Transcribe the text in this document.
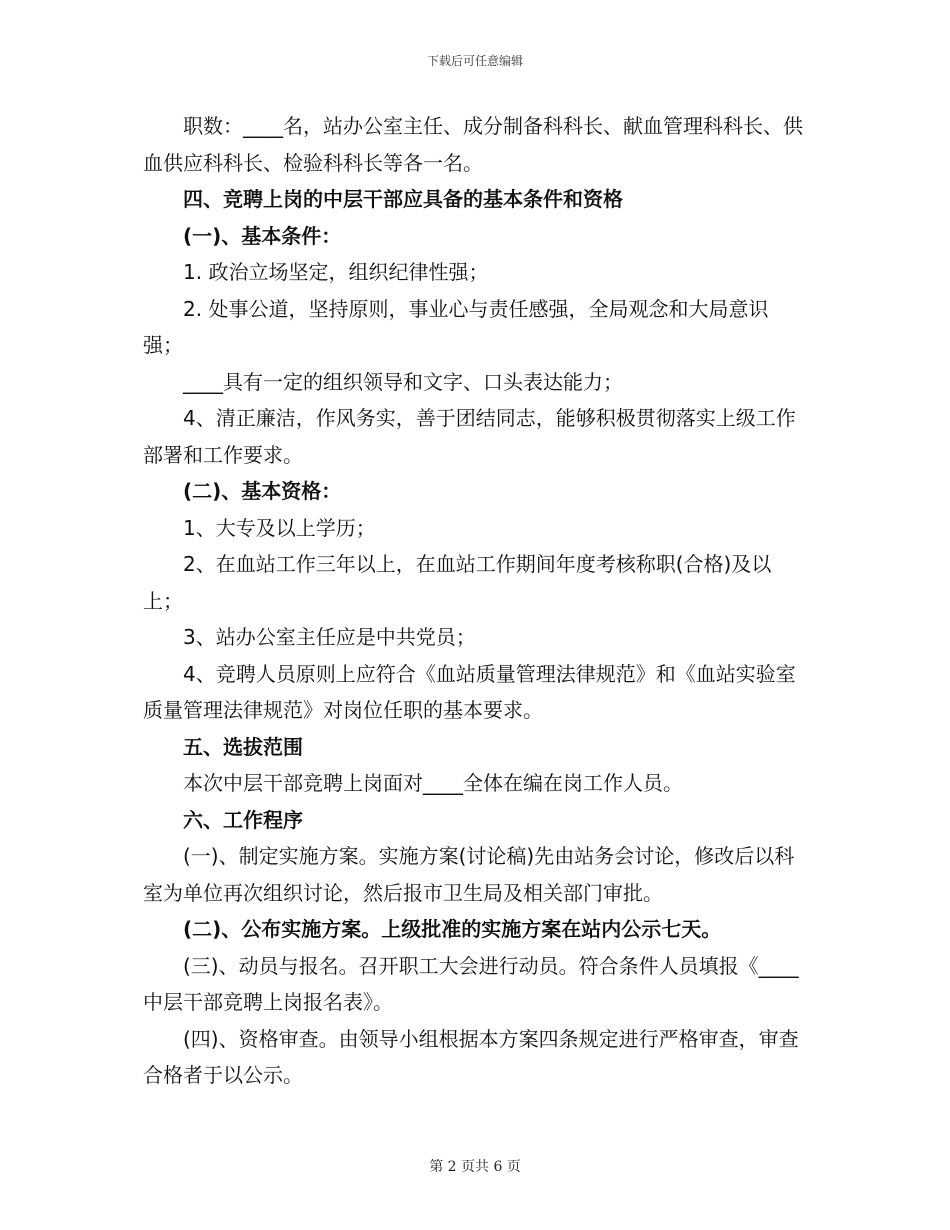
下载后可任意编辑

职数：____名，站办公室主任、成分制备科科长、献血管理科科长、供血供应科科长、检验科科长等各一名。

四、竞聘上岗的中层干部应具备的基本条件和资格

(一)、基本条件：

1. 政治立场坚定，组织纪律性强；

2. 处事公道，坚持原则，事业心与责任感强，全局观念和大局意识强；

____具有一定的组织领导和文字、口头表达能力；

4、清正廉洁，作风务实，善于团结同志，能够积极贯彻落实上级工作部署和工作要求。

(二)、基本资格：

1、大专及以上学历；

2、在血站工作三年以上，在血站工作期间年度考核称职(合格)及以上；

3、站办公室主任应是中共党员；

4、竞聘人员原则上应符合《血站质量管理法律规范》和《血站实验室质量管理法律规范》对岗位任职的基本要求。

五、选拔范围

本次中层干部竞聘上岗面对____全体在编在岗工作人员。

六、工作程序

(一)、制定实施方案。实施方案(讨论稿)先由站务会讨论，修改后以科室为单位再次组织讨论，然后报市卫生局及相关部门审批。

(二)、公布实施方案。上级批准的实施方案在站内公示七天。

(三)、动员与报名。召开职工大会进行动员。符合条件人员填报《____中层干部竞聘上岗报名表》。

(四)、资格审查。由领导小组根据本方案四条规定进行严格审查，审查合格者于以公示。

第 2 页共 6 页
